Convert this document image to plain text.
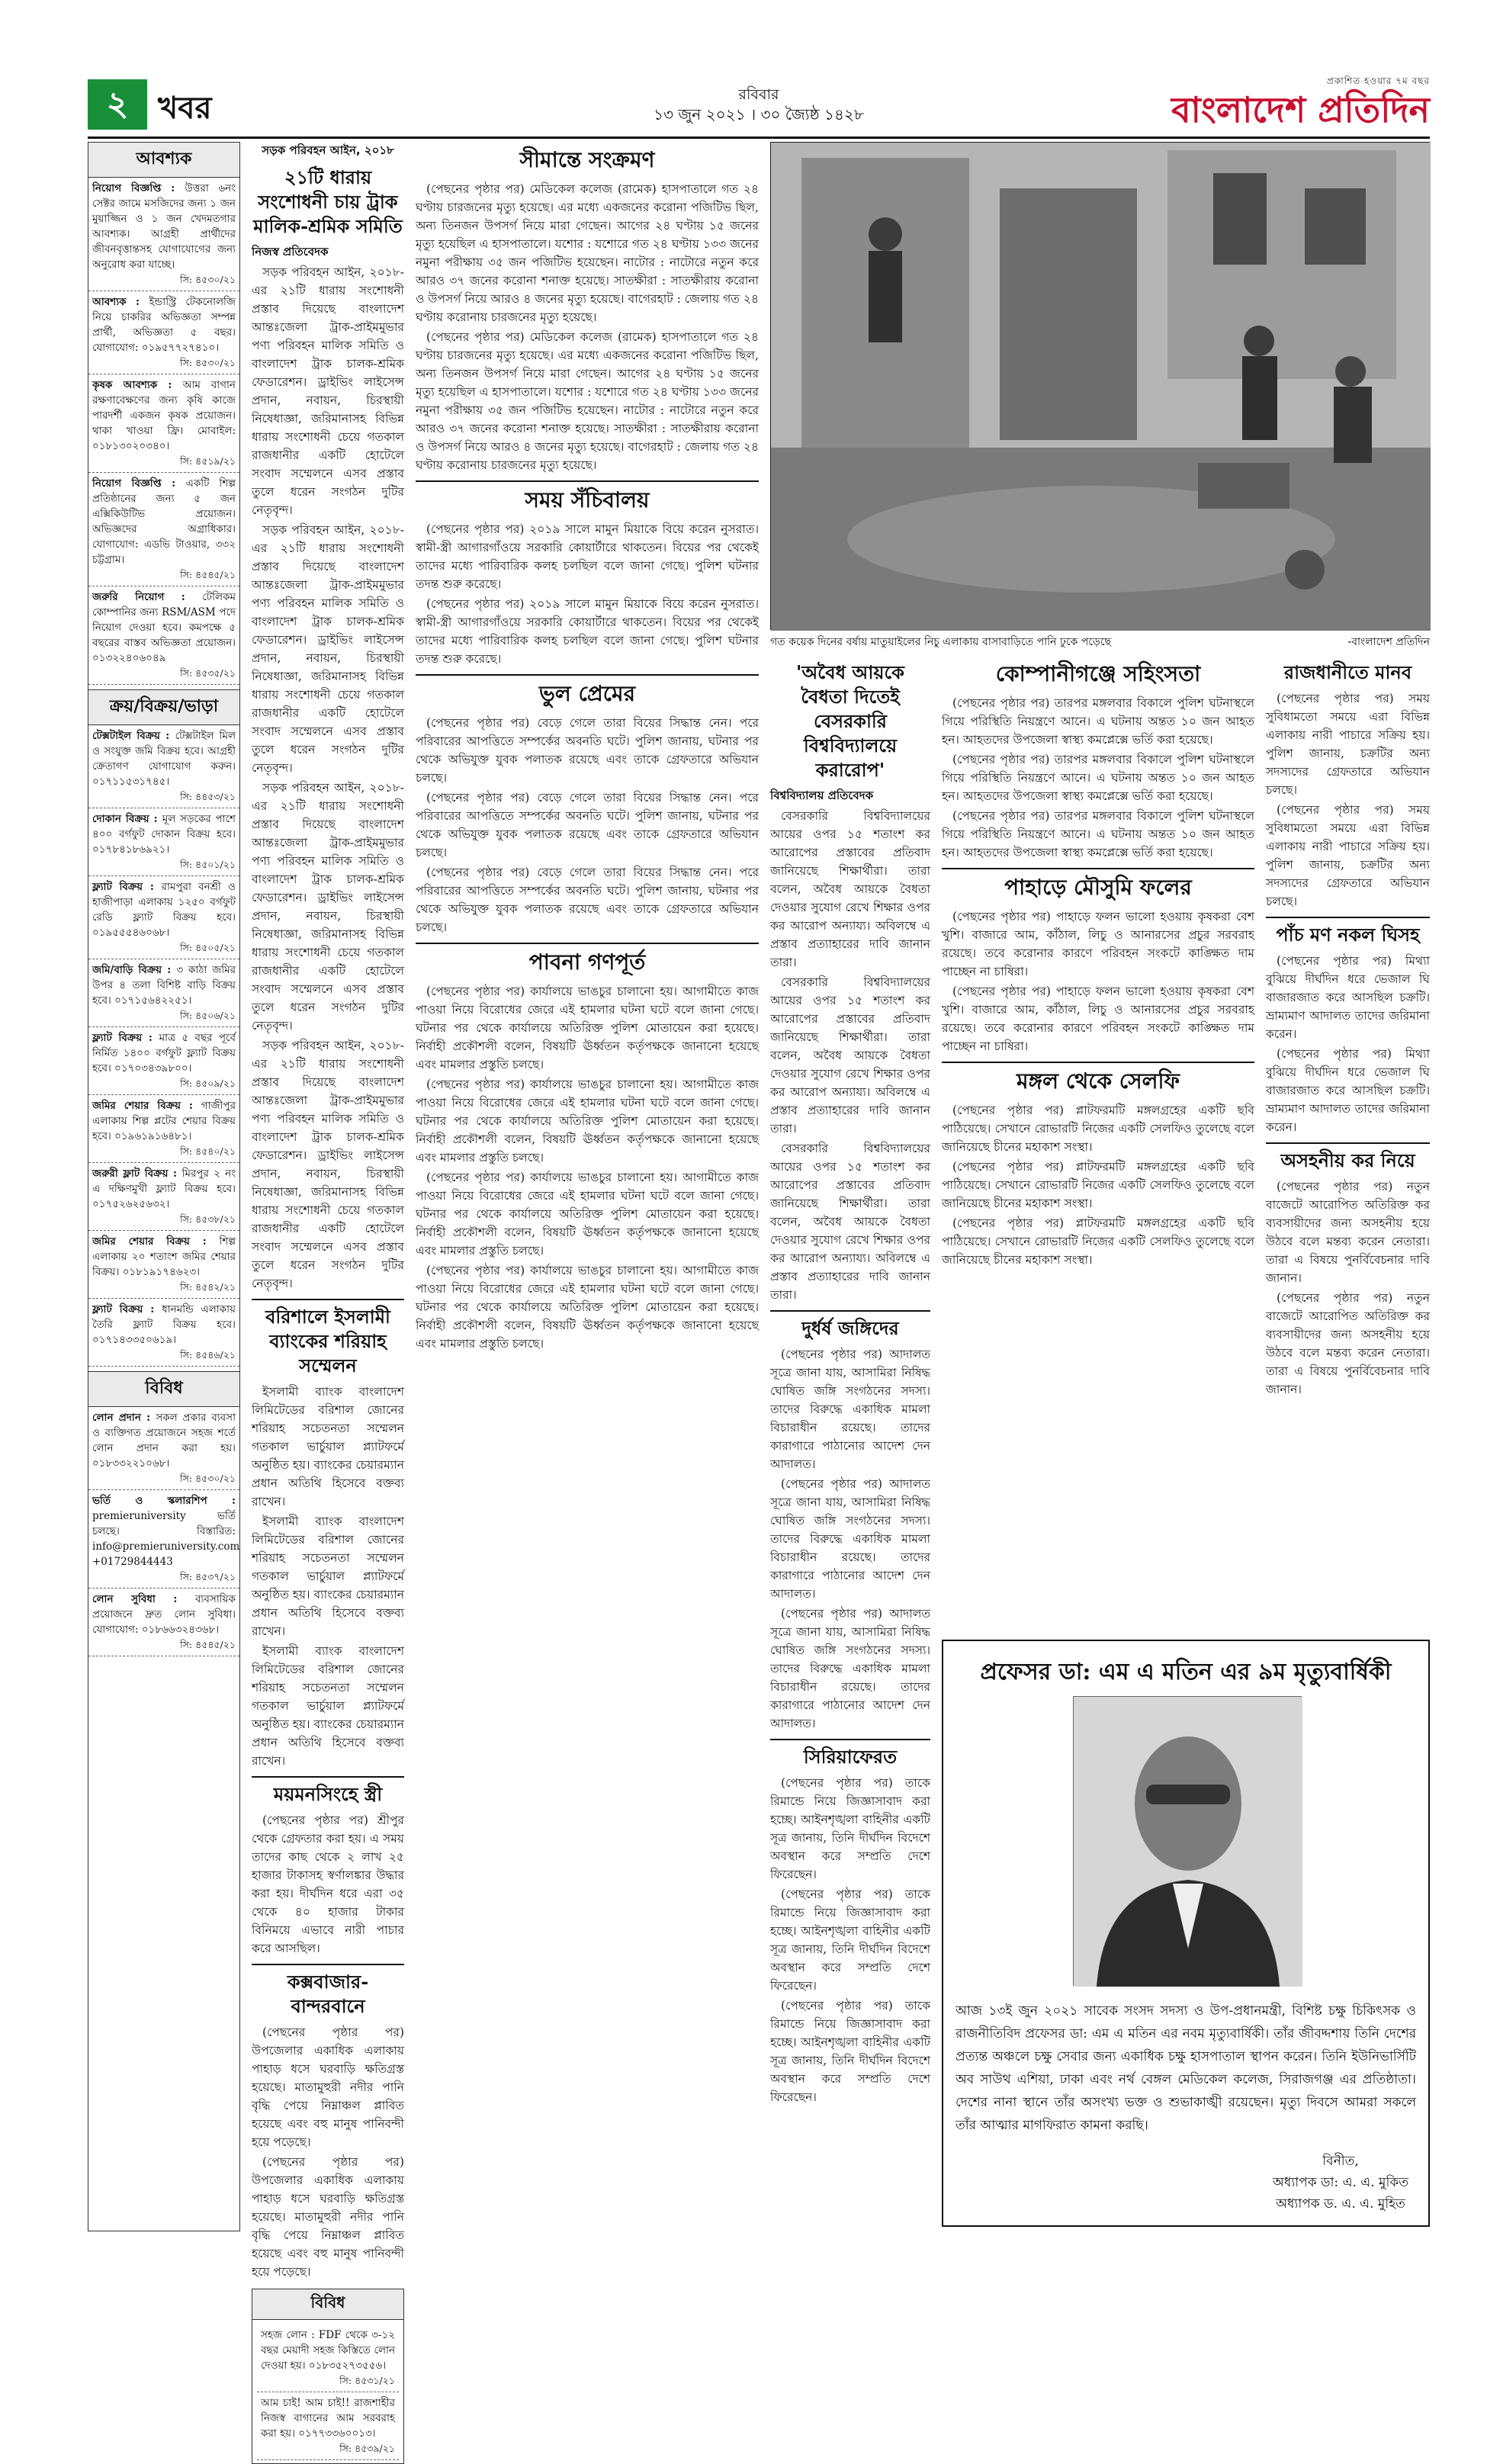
২ খবর	রবিবার
১৩ জুন ২০২১ । ৩০ জ্যৈষ্ঠ ১৪২৮
প্রকাশিত হওয়ার ৭ম বছর
বাংলাদেশ প্রতিদিন
আবশ্যক
নিয়োগ বিজ্ঞপ্তি : উত্তরা ৬নং সেক্টর জামে মসজিদের জন্য ১ জন মুয়াজ্জিন ও ১ জন খেদমতগার আবশ্যক। আগ্রহী প্রার্থীদের জীবনবৃত্তান্তসহ যোগাযোগের জন্য অনুরোধ করা যাচ্ছে।
সি: ৪৫৩০/২১
আবশ্যক : ইন্ডাস্ট্রি টেকনোলজি নিয়ে চাকরির অভিজ্ঞতা সম্পন্ন প্রার্থী, অভিজ্ঞতা ৫ বছর। যোগাযোগ: ০১৯৫৭৭২৭৪১০।
সি: ৪৫৩০/২১
কৃষক আবশ্যক : আম বাগান রক্ষণাবেক্ষণের জন্য কৃষি কাজে পারদর্শী একজন কৃষক প্রয়োজন। থাকা খাওয়া ফ্রি। মোবাইল: ০১৮১৩০২০৩৪০।
সি: ৪৫১৯/২১
নিয়োগ বিজ্ঞপ্তি : একটি শিল্প প্রতিষ্ঠানের জন্য ৫ জন এক্সিকিউটিভ প্রয়োজন। অভিজ্ঞদের অগ্রাধিকার। যোগাযোগ: এডভি টাওয়ার, ৩৩২ চট্টগ্রাম।
সি: ৪৫৪৫/২১
জরুরি নিয়োগ : টেলিকম কোম্পানির জন্য RSM/ASM পদে নিয়োগ দেওয়া হবে। কমপক্ষে ৫ বছরের বাস্তব অভিজ্ঞতা প্রয়োজন। ০১৩২২৪০৬০৪৯
সি: ৪৫৩৫/২১
ক্রয়/বিক্রয়/ভাড়া
টেক্সটাইল বিক্রয় : টেক্সটাইল মিল ও সংযুক্ত জমি বিক্রয় হবে। আগ্রহী ক্রেতাগণ যোগাযোগ করুন। ০১৭১১৫৩১৭৪৫।
সি: ৪৪৫৩/২১
দোকান বিক্রয় : মূল সড়কের পাশে ৪০০ বর্গফুট দোকান বিক্রয় হবে। ০১৭৮৪১৮৬৯২১।
সি: ৪৫০১/২১
ফ্ল্যাট বিক্রয় : রামপুরা বনশ্রী ও হাজীপাড়া এলাকায় ১২৫০ বর্গফুট রেডি ফ্ল্যাট বিক্রয় হবে। ০১৯৫৫৫৪৬০৬৮।
সি: ৪৫০৫/২১
জমি/বাড়ি বিক্রয় : ৩ কাঠা জমির উপর ৪ তলা বিশিষ্ট বাড়ি বিক্রয় হবে। ০১৭১৫৬৪২২৫১।
সি: ৪৫০৬/২১
ফ্ল্যাট বিক্রয় : মাত্র ৫ বছর পূর্বে নির্মিত ১৪০০ বর্গফুট ফ্ল্যাট বিক্রয় হবে। ০১৭০৩৪৩৯৮০০।
সি: ৪৫০৯/২১
জমির শেয়ার বিক্রয় : গাজীপুর এলাকায় শিল্প প্লটের শেয়ার বিক্রয় হবে। ০১৯৬১৯১৬৪৮১।
সি: ৪৫৪০/২১
জরুরী ফ্লাট বিক্রয় : মিরপুর ২ নং এ দক্ষিণমুখী ফ্ল্যাট বিক্রয় হবে। ০১৭৫২৬২৫৬৩২।
সি: ৪৫৩৮/২১
জমির শেয়ার বিক্রয় : শিল্প এলাকায় ২০ শতাংশ জমির শেয়ার বিক্রয়। ০১৮১৯১৭৪৬২৩।
সি: ৪৫৪২/২১
ফ্ল্যাট বিক্রয় : ধানমন্ডি এলাকায় তৈরি ফ্ল্যাট বিক্রয় হবে। ০১৭১৪৩৩৫০৬১৯।
সি: ৪৫৪৬/২১
বিবিধ
লোন প্রদান : সকল প্রকার ব্যবসা ও ব্যক্তিগত প্রয়োজনে সহজ শর্তে লোন প্রদান করা হয়। ০১৮৩৩২২১০৬৮।
সি: ৪৫৩০/২১
ভর্তি ও স্কলারশিপ : premieruniversity ভর্তি চলছে। বিস্তারিত: info@premieruniversity.com +01729844443
সি: ৪৫৩৭/২১
লোন সুবিধা : ব্যবসায়িক প্রয়োজনে দ্রুত লোন সুবিধা। যোগাযোগ: ০১৮৬৬৩২৪৩৬৮।
সি: ৪৫৪৫/২১
সড়ক পরিবহন আইন, ২০১৮
২১টি ধারায় সংশোধনী চায় ট্রাক মালিক-শ্রমিক সমিতি
নিজস্ব প্রতিবেদক

সড়ক পরিবহন আইন, ২০১৮-এর ২১টি ধারায় সংশোধনী প্রস্তাব দিয়েছে বাংলাদেশ আন্তঃজেলা ট্রাক-প্রাইমমুভার পণ্য পরিবহন মালিক সমিতি ও বাংলাদেশ ট্রাক চালক-শ্রমিক ফেডারেশন। ড্রাইভিং লাইসেন্স প্রদান, নবায়ন, চিরস্থায়ী নিষেধাজ্ঞা, জরিমানাসহ বিভিন্ন ধারায় সংশোধনী চেয়ে গতকাল রাজধানীর একটি হোটেলে সংবাদ সম্মেলনে এসব প্রস্তাব তুলে ধরেন সংগঠন দুটির নেতৃবৃন্দ।

সড়ক পরিবহন আইন, ২০১৮-এর ২১টি ধারায় সংশোধনী প্রস্তাব দিয়েছে বাংলাদেশ আন্তঃজেলা ট্রাক-প্রাইমমুভার পণ্য পরিবহন মালিক সমিতি ও বাংলাদেশ ট্রাক চালক-শ্রমিক ফেডারেশন। ড্রাইভিং লাইসেন্স প্রদান, নবায়ন, চিরস্থায়ী নিষেধাজ্ঞা, জরিমানাসহ বিভিন্ন ধারায় সংশোধনী চেয়ে গতকাল রাজধানীর একটি হোটেলে সংবাদ সম্মেলনে এসব প্রস্তাব তুলে ধরেন সংগঠন দুটির নেতৃবৃন্দ।

সড়ক পরিবহন আইন, ২০১৮-এর ২১টি ধারায় সংশোধনী প্রস্তাব দিয়েছে বাংলাদেশ আন্তঃজেলা ট্রাক-প্রাইমমুভার পণ্য পরিবহন মালিক সমিতি ও বাংলাদেশ ট্রাক চালক-শ্রমিক ফেডারেশন। ড্রাইভিং লাইসেন্স প্রদান, নবায়ন, চিরস্থায়ী নিষেধাজ্ঞা, জরিমানাসহ বিভিন্ন ধারায় সংশোধনী চেয়ে গতকাল রাজধানীর একটি হোটেলে সংবাদ সম্মেলনে এসব প্রস্তাব তুলে ধরেন সংগঠন দুটির নেতৃবৃন্দ।

সড়ক পরিবহন আইন, ২০১৮-এর ২১টি ধারায় সংশোধনী প্রস্তাব দিয়েছে বাংলাদেশ আন্তঃজেলা ট্রাক-প্রাইমমুভার পণ্য পরিবহন মালিক সমিতি ও বাংলাদেশ ট্রাক চালক-শ্রমিক ফেডারেশন। ড্রাইভিং লাইসেন্স প্রদান, নবায়ন, চিরস্থায়ী নিষেধাজ্ঞা, জরিমানাসহ বিভিন্ন ধারায় সংশোধনী চেয়ে গতকাল রাজধানীর একটি হোটেলে সংবাদ সম্মেলনে এসব প্রস্তাব তুলে ধরেন সংগঠন দুটির নেতৃবৃন্দ।

বরিশালে ইসলামী ব্যাংকের শরিয়াহ সম্মেলন

ইসলামী ব্যাংক বাংলাদেশ লিমিটেডের বরিশাল জোনের শরিয়াহ সচেতনতা সম্মেলন গতকাল ভার্চুয়াল প্ল্যাটফর্মে অনুষ্ঠিত হয়। ব্যাংকের চেয়ারম্যান প্রধান অতিথি হিসেবে বক্তব্য রাখেন।

ইসলামী ব্যাংক বাংলাদেশ লিমিটেডের বরিশাল জোনের শরিয়াহ সচেতনতা সম্মেলন গতকাল ভার্চুয়াল প্ল্যাটফর্মে অনুষ্ঠিত হয়। ব্যাংকের চেয়ারম্যান প্রধান অতিথি হিসেবে বক্তব্য রাখেন।

ইসলামী ব্যাংক বাংলাদেশ লিমিটেডের বরিশাল জোনের শরিয়াহ সচেতনতা সম্মেলন গতকাল ভার্চুয়াল প্ল্যাটফর্মে অনুষ্ঠিত হয়। ব্যাংকের চেয়ারম্যান প্রধান অতিথি হিসেবে বক্তব্য রাখেন।

ময়মনসিংহে স্ত্রী

(পেছনের পৃষ্ঠার পর) শ্রীপুর থেকে গ্রেফতার করা হয়। এ সময় তাদের কাছ থেকে ২ লাখ ২৫ হাজার টাকাসহ স্বর্ণালঙ্কার উদ্ধার করা হয়। দীর্ঘদিন ধরে এরা ৩৫ থেকে ৪০ হাজার টাকার বিনিময়ে এভাবে নারী পাচার করে আসছিল।

কক্সবাজার-বান্দরবানে

(পেছনের পৃষ্ঠার পর) উপজেলার একাধিক এলাকায় পাহাড় ধসে ঘরবাড়ি ক্ষতিগ্রস্ত হয়েছে। মাতামুহুরী নদীর পানি বৃদ্ধি পেয়ে নিম্নাঞ্চল প্লাবিত হয়েছে এবং বহু মানুষ পানিবন্দী হয়ে পড়েছে।

(পেছনের পৃষ্ঠার পর) উপজেলার একাধিক এলাকায় পাহাড় ধসে ঘরবাড়ি ক্ষতিগ্রস্ত হয়েছে। মাতামুহুরী নদীর পানি বৃদ্ধি পেয়ে নিম্নাঞ্চল প্লাবিত হয়েছে এবং বহু মানুষ পানিবন্দী হয়ে পড়েছে।

বিবিধ
সহজ লোন : FDF থেকে ৩-১২ বছর মেয়াদী সহজ কিস্তিতে লোন দেওয়া হয়। ০১৮৩৫২৭৩৫৫৬।
সি: ৪৫৩১/২১
আম চাই! আম চাই!! রাজশাহীর নিজস্ব বাগানের আম সরবরাহ করা হয়। ০১৭৭৩৩৬০০১৩।
সি: ৪৫৩৯/২১
সীমান্তে সংক্রমণ

(পেছনের পৃষ্ঠার পর) মেডিকেল কলেজ (রামেক) হাসপাতালে গত ২৪ ঘণ্টায় চারজনের মৃত্যু হয়েছে। এর মধ্যে একজনের করোনা পজিটিভ ছিল, অন্য তিনজন উপসর্গ নিয়ে মারা গেছেন। আগের ২৪ ঘণ্টায় ১৫ জনের মৃত্যু হয়েছিল এ হাসপাতালে। যশোর : যশোরে গত ২৪ ঘণ্টায় ১৩৩ জনের নমুনা পরীক্ষায় ৩৫ জন পজিটিভ হয়েছেন। নাটোর : নাটোরে নতুন করে আরও ৩৭ জনের করোনা শনাক্ত হয়েছে। সাতক্ষীরা : সাতক্ষীরায় করোনা ও উপসর্গ নিয়ে আরও ৪ জনের মৃত্যু হয়েছে। বাগেরহাট : জেলায় গত ২৪ ঘণ্টায় করোনায় চারজনের মৃত্যু হয়েছে।

(পেছনের পৃষ্ঠার পর) মেডিকেল কলেজ (রামেক) হাসপাতালে গত ২৪ ঘণ্টায় চারজনের মৃত্যু হয়েছে। এর মধ্যে একজনের করোনা পজিটিভ ছিল, অন্য তিনজন উপসর্গ নিয়ে মারা গেছেন। আগের ২৪ ঘণ্টায় ১৫ জনের মৃত্যু হয়েছিল এ হাসপাতালে। যশোর : যশোরে গত ২৪ ঘণ্টায় ১৩৩ জনের নমুনা পরীক্ষায় ৩৫ জন পজিটিভ হয়েছেন। নাটোর : নাটোরে নতুন করে আরও ৩৭ জনের করোনা শনাক্ত হয়েছে। সাতক্ষীরা : সাতক্ষীরায় করোনা ও উপসর্গ নিয়ে আরও ৪ জনের মৃত্যু হয়েছে। বাগেরহাট : জেলায় গত ২৪ ঘণ্টায় করোনায় চারজনের মৃত্যু হয়েছে।

সময় সঁচিবালয়

(পেছনের পৃষ্ঠার পর) ২০১৯ সালে মামুন মিয়াকে বিয়ে করেন নুসরাত। স্বামী-স্ত্রী আগারগাঁওয়ে সরকারি কোয়ার্টারে থাকতেন। বিয়ের পর থেকেই তাদের মধ্যে পারিবারিক কলহ চলছিল বলে জানা গেছে। পুলিশ ঘটনার তদন্ত শুরু করেছে।

(পেছনের পৃষ্ঠার পর) ২০১৯ সালে মামুন মিয়াকে বিয়ে করেন নুসরাত। স্বামী-স্ত্রী আগারগাঁওয়ে সরকারি কোয়ার্টারে থাকতেন। বিয়ের পর থেকেই তাদের মধ্যে পারিবারিক কলহ চলছিল বলে জানা গেছে। পুলিশ ঘটনার তদন্ত শুরু করেছে।

ভুল প্রেমের

(পেছনের পৃষ্ঠার পর) বেড়ে গেলে তারা বিয়ের সিদ্ধান্ত নেন। পরে পরিবারের আপত্তিতে সম্পর্কের অবনতি ঘটে। পুলিশ জানায়, ঘটনার পর থেকে অভিযুক্ত যুবক পলাতক রয়েছে এবং তাকে গ্রেফতারে অভিযান চলছে।

(পেছনের পৃষ্ঠার পর) বেড়ে গেলে তারা বিয়ের সিদ্ধান্ত নেন। পরে পরিবারের আপত্তিতে সম্পর্কের অবনতি ঘটে। পুলিশ জানায়, ঘটনার পর থেকে অভিযুক্ত যুবক পলাতক রয়েছে এবং তাকে গ্রেফতারে অভিযান চলছে।

(পেছনের পৃষ্ঠার পর) বেড়ে গেলে তারা বিয়ের সিদ্ধান্ত নেন। পরে পরিবারের আপত্তিতে সম্পর্কের অবনতি ঘটে। পুলিশ জানায়, ঘটনার পর থেকে অভিযুক্ত যুবক পলাতক রয়েছে এবং তাকে গ্রেফতারে অভিযান চলছে।

পাবনা গণপূর্ত

(পেছনের পৃষ্ঠার পর) কার্যালয়ে ভাঙচুর চালানো হয়। আগামীতে কাজ পাওয়া নিয়ে বিরোধের জেরে এই হামলার ঘটনা ঘটে বলে জানা গেছে। ঘটনার পর থেকে কার্যালয়ে অতিরিক্ত পুলিশ মোতায়েন করা হয়েছে। নির্বাহী প্রকৌশলী বলেন, বিষয়টি ঊর্ধ্বতন কর্তৃপক্ষকে জানানো হয়েছে এবং মামলার প্রস্তুতি চলছে।

(পেছনের পৃষ্ঠার পর) কার্যালয়ে ভাঙচুর চালানো হয়। আগামীতে কাজ পাওয়া নিয়ে বিরোধের জেরে এই হামলার ঘটনা ঘটে বলে জানা গেছে। ঘটনার পর থেকে কার্যালয়ে অতিরিক্ত পুলিশ মোতায়েন করা হয়েছে। নির্বাহী প্রকৌশলী বলেন, বিষয়টি ঊর্ধ্বতন কর্তৃপক্ষকে জানানো হয়েছে এবং মামলার প্রস্তুতি চলছে।

(পেছনের পৃষ্ঠার পর) কার্যালয়ে ভাঙচুর চালানো হয়। আগামীতে কাজ পাওয়া নিয়ে বিরোধের জেরে এই হামলার ঘটনা ঘটে বলে জানা গেছে। ঘটনার পর থেকে কার্যালয়ে অতিরিক্ত পুলিশ মোতায়েন করা হয়েছে। নির্বাহী প্রকৌশলী বলেন, বিষয়টি ঊর্ধ্বতন কর্তৃপক্ষকে জানানো হয়েছে এবং মামলার প্রস্তুতি চলছে।

(পেছনের পৃষ্ঠার পর) কার্যালয়ে ভাঙচুর চালানো হয়। আগামীতে কাজ পাওয়া নিয়ে বিরোধের জেরে এই হামলার ঘটনা ঘটে বলে জানা গেছে। ঘটনার পর থেকে কার্যালয়ে অতিরিক্ত পুলিশ মোতায়েন করা হয়েছে। নির্বাহী প্রকৌশলী বলেন, বিষয়টি ঊর্ধ্বতন কর্তৃপক্ষকে জানানো হয়েছে এবং মামলার প্রস্তুতি চলছে।

গত কয়েক দিনের বর্ষায় মাতুয়াইলের নিচু এলাকায় বাসাবাড়িতে পানি ঢুকে পড়েছে	-বাংলাদেশ প্রতিদিন
'অবৈধ আয়কে বৈধতা দিতেই বেসরকারি বিশ্ববিদ্যালয়ে করারোপ'
বিশ্ববিদ্যালয় প্রতিবেদক

বেসরকারি বিশ্ববিদ্যালয়ের আয়ের ওপর ১৫ শতাংশ কর আরোপের প্রস্তাবের প্রতিবাদ জানিয়েছে শিক্ষার্থীরা। তারা বলেন, অবৈধ আয়কে বৈধতা দেওয়ার সুযোগ রেখে শিক্ষার ওপর কর আরোপ অন্যায্য। অবিলম্বে এ প্রস্তাব প্রত্যাহারের দাবি জানান তারা।

বেসরকারি বিশ্ববিদ্যালয়ের আয়ের ওপর ১৫ শতাংশ কর আরোপের প্রস্তাবের প্রতিবাদ জানিয়েছে শিক্ষার্থীরা। তারা বলেন, অবৈধ আয়কে বৈধতা দেওয়ার সুযোগ রেখে শিক্ষার ওপর কর আরোপ অন্যায্য। অবিলম্বে এ প্রস্তাব প্রত্যাহারের দাবি জানান তারা।

বেসরকারি বিশ্ববিদ্যালয়ের আয়ের ওপর ১৫ শতাংশ কর আরোপের প্রস্তাবের প্রতিবাদ জানিয়েছে শিক্ষার্থীরা। তারা বলেন, অবৈধ আয়কে বৈধতা দেওয়ার সুযোগ রেখে শিক্ষার ওপর কর আরোপ অন্যায্য। অবিলম্বে এ প্রস্তাব প্রত্যাহারের দাবি জানান তারা।

দুর্ধর্ষ জঙ্গিদের

(পেছনের পৃষ্ঠার পর) আদালত সূত্রে জানা যায়, আসামিরা নিষিদ্ধ ঘোষিত জঙ্গি সংগঠনের সদস্য। তাদের বিরুদ্ধে একাধিক মামলা বিচারাধীন রয়েছে। তাদের কারাগারে পাঠানোর আদেশ দেন আদালত।

(পেছনের পৃষ্ঠার পর) আদালত সূত্রে জানা যায়, আসামিরা নিষিদ্ধ ঘোষিত জঙ্গি সংগঠনের সদস্য। তাদের বিরুদ্ধে একাধিক মামলা বিচারাধীন রয়েছে। তাদের কারাগারে পাঠানোর আদেশ দেন আদালত।

(পেছনের পৃষ্ঠার পর) আদালত সূত্রে জানা যায়, আসামিরা নিষিদ্ধ ঘোষিত জঙ্গি সংগঠনের সদস্য। তাদের বিরুদ্ধে একাধিক মামলা বিচারাধীন রয়েছে। তাদের কারাগারে পাঠানোর আদেশ দেন আদালত।

সিরিয়াফেরত

(পেছনের পৃষ্ঠার পর) তাকে রিমান্ডে নিয়ে জিজ্ঞাসাবাদ করা হচ্ছে। আইনশৃঙ্খলা বাহিনীর একটি সূত্র জানায়, তিনি দীর্ঘদিন বিদেশে অবস্থান করে সম্প্রতি দেশে ফিরেছেন।

(পেছনের পৃষ্ঠার পর) তাকে রিমান্ডে নিয়ে জিজ্ঞাসাবাদ করা হচ্ছে। আইনশৃঙ্খলা বাহিনীর একটি সূত্র জানায়, তিনি দীর্ঘদিন বিদেশে অবস্থান করে সম্প্রতি দেশে ফিরেছেন।

(পেছনের পৃষ্ঠার পর) তাকে রিমান্ডে নিয়ে জিজ্ঞাসাবাদ করা হচ্ছে। আইনশৃঙ্খলা বাহিনীর একটি সূত্র জানায়, তিনি দীর্ঘদিন বিদেশে অবস্থান করে সম্প্রতি দেশে ফিরেছেন।

কোম্পানীগঞ্জে সহিংসতা

(পেছনের পৃষ্ঠার পর) তারপর মঙ্গলবার বিকালে পুলিশ ঘটনাস্থলে গিয়ে পরিস্থিতি নিয়ন্ত্রণে আনে। এ ঘটনায় অন্তত ১০ জন আহত হন। আহতদের উপজেলা স্বাস্থ্য কমপ্লেক্সে ভর্তি করা হয়েছে।

(পেছনের পৃষ্ঠার পর) তারপর মঙ্গলবার বিকালে পুলিশ ঘটনাস্থলে গিয়ে পরিস্থিতি নিয়ন্ত্রণে আনে। এ ঘটনায় অন্তত ১০ জন আহত হন। আহতদের উপজেলা স্বাস্থ্য কমপ্লেক্সে ভর্তি করা হয়েছে।

(পেছনের পৃষ্ঠার পর) তারপর মঙ্গলবার বিকালে পুলিশ ঘটনাস্থলে গিয়ে পরিস্থিতি নিয়ন্ত্রণে আনে। এ ঘটনায় অন্তত ১০ জন আহত হন। আহতদের উপজেলা স্বাস্থ্য কমপ্লেক্সে ভর্তি করা হয়েছে।

পাহাড়ে মৌসুমি ফলের

(পেছনের পৃষ্ঠার পর) পাহাড়ে ফলন ভালো হওয়ায় কৃষকরা বেশ খুশি। বাজারে আম, কাঁঠাল, লিচু ও আনারসের প্রচুর সরবরাহ রয়েছে। তবে করোনার কারণে পরিবহন সংকটে কাঙ্ক্ষিত দাম পাচ্ছেন না চাষিরা।

(পেছনের পৃষ্ঠার পর) পাহাড়ে ফলন ভালো হওয়ায় কৃষকরা বেশ খুশি। বাজারে আম, কাঁঠাল, লিচু ও আনারসের প্রচুর সরবরাহ রয়েছে। তবে করোনার কারণে পরিবহন সংকটে কাঙ্ক্ষিত দাম পাচ্ছেন না চাষিরা।

মঙ্গল থেকে সেলফি

(পেছনের পৃষ্ঠার পর) প্লাটফরমটি মঙ্গলগ্রহের একটি ছবি পাঠিয়েছে। সেখানে রোভারটি নিজের একটি সেলফিও তুলেছে বলে জানিয়েছে চীনের মহাকাশ সংস্থা।

(পেছনের পৃষ্ঠার পর) প্লাটফরমটি মঙ্গলগ্রহের একটি ছবি পাঠিয়েছে। সেখানে রোভারটি নিজের একটি সেলফিও তুলেছে বলে জানিয়েছে চীনের মহাকাশ সংস্থা।

(পেছনের পৃষ্ঠার পর) প্লাটফরমটি মঙ্গলগ্রহের একটি ছবি পাঠিয়েছে। সেখানে রোভারটি নিজের একটি সেলফিও তুলেছে বলে জানিয়েছে চীনের মহাকাশ সংস্থা।

রাজধানীতে মানব

(পেছনের পৃষ্ঠার পর) সময় সুবিধামতো সময়ে এরা বিভিন্ন এলাকায় নারী পাচারে সক্রিয় হয়। পুলিশ জানায়, চক্রটির অন্য সদস্যদের গ্রেফতারে অভিযান চলছে।

(পেছনের পৃষ্ঠার পর) সময় সুবিধামতো সময়ে এরা বিভিন্ন এলাকায় নারী পাচারে সক্রিয় হয়। পুলিশ জানায়, চক্রটির অন্য সদস্যদের গ্রেফতারে অভিযান চলছে।

পাঁচ মণ নকল ঘিসহ

(পেছনের পৃষ্ঠার পর) মিথ্যা বুঝিয়ে দীর্ঘদিন ধরে ভেজাল ঘি বাজারজাত করে আসছিল চক্রটি। ভ্রাম্যমাণ আদালত তাদের জরিমানা করেন।

(পেছনের পৃষ্ঠার পর) মিথ্যা বুঝিয়ে দীর্ঘদিন ধরে ভেজাল ঘি বাজারজাত করে আসছিল চক্রটি। ভ্রাম্যমাণ আদালত তাদের জরিমানা করেন।

অসহনীয় কর নিয়ে

(পেছনের পৃষ্ঠার পর) নতুন বাজেটে আরোপিত অতিরিক্ত কর ব্যবসায়ীদের জন্য অসহনীয় হয়ে উঠবে বলে মন্তব্য করেন নেতারা। তারা এ বিষয়ে পুনর্বিবেচনার দাবি জানান।

(পেছনের পৃষ্ঠার পর) নতুন বাজেটে আরোপিত অতিরিক্ত কর ব্যবসায়ীদের জন্য অসহনীয় হয়ে উঠবে বলে মন্তব্য করেন নেতারা। তারা এ বিষয়ে পুনর্বিবেচনার দাবি জানান।

প্রফেসর ডা: এম এ মতিন এর ৯ম মৃত্যুবার্ষিকী
আজ ১৩ই জুন ২০২১ সাবেক সংসদ সদস্য ও উপ-প্রধানমন্ত্রী, বিশিষ্ট চক্ষু চিকিৎসক ও রাজনীতিবিদ প্রফেসর ডা: এম এ মতিন এর নবম মৃত্যুবার্ষিকী। তাঁর জীবদ্দশায় তিনি দেশের প্রত্যন্ত অঞ্চলে চক্ষু সেবার জন্য একাধিক চক্ষু হাসপাতাল স্থাপন করেন। তিনি ইউনিভার্সিটি অব সাউথ এশিয়া, ঢাকা এবং নর্থ বেঙ্গল মেডিকেল কলেজ, সিরাজগঞ্জ এর প্রতিষ্ঠাতা। দেশের নানা স্থানে তাঁর অসংখ্য ভক্ত ও শুভাকাঙ্খী রয়েছেন। মৃত্যু দিবসে আমরা সকলে তাঁর আত্মার মাগফিরাত কামনা করছি।
বিনীত,
অধ্যাপক ডা: এ. এ. মুকিত
অধ্যাপক ড. এ. এ. মুহিত
